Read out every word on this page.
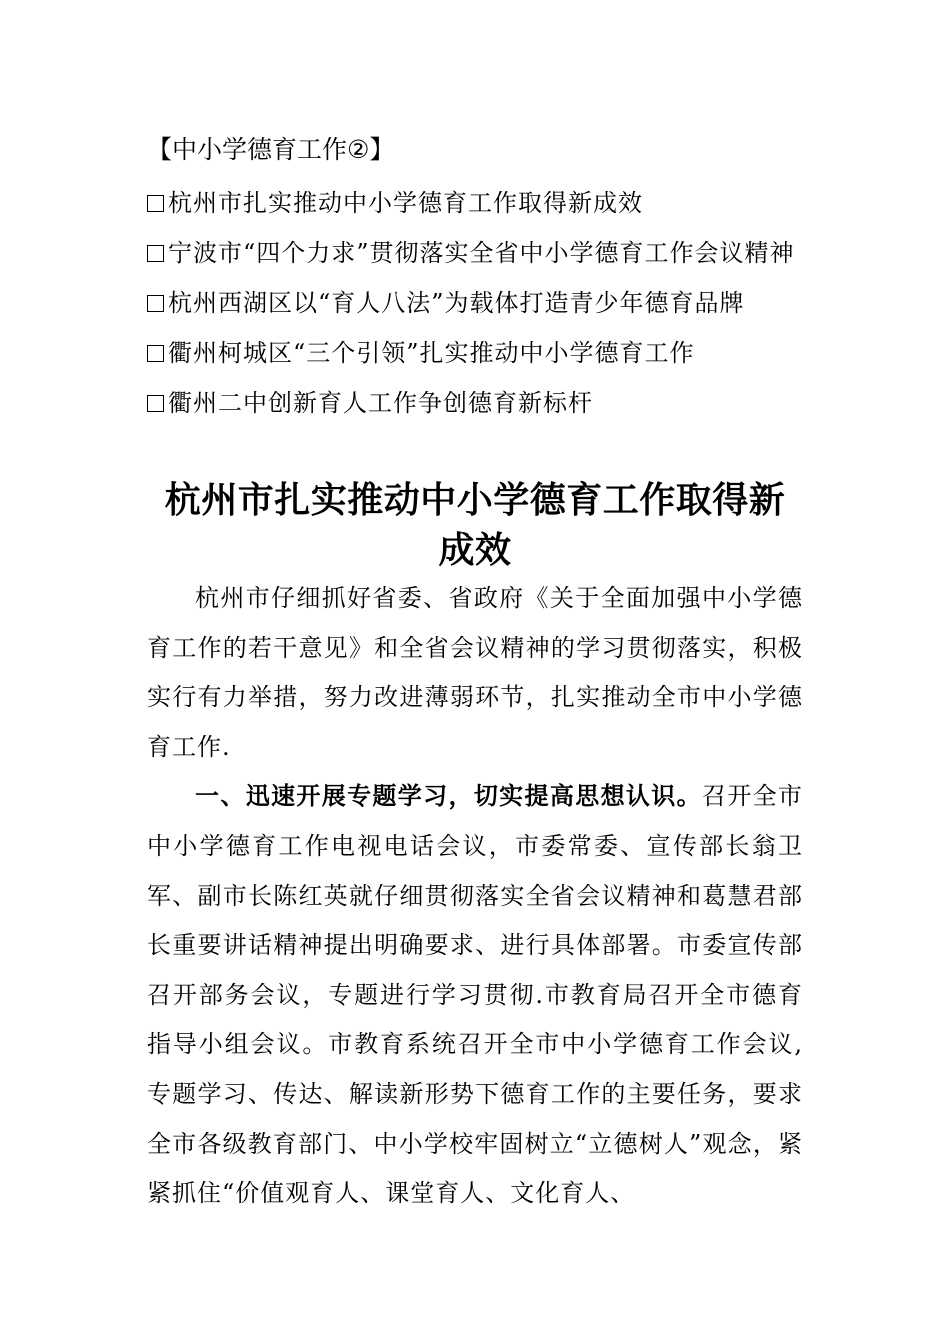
【中小学德育工作②】
杭州市扎实推动中小学德育工作取得新成效
宁波市“四个力求”贯彻落实全省中小学德育工作会议精神
杭州西湖区以“育人八法”为载体打造青少年德育品牌
衢州柯城区“三个引领”扎实推动中小学德育工作
衢州二中创新育人工作争创德育新标杆
杭州市扎实推动中小学德育工作取得新成效

杭州市仔细抓好省委、省政府《关于全面加强中小学德育工作的若干意见》和全省会议精神的学习贯彻落实，积极实行有力举措，努力改进薄弱环节，扎实推动全市中小学德育工作.

一、迅速开展专题学习，切实提高思想认识。召开全市中小学德育工作电视电话会议，市委常委、宣传部长翁卫军、副市长陈红英就仔细贯彻落实全省会议精神和葛慧君部长重要讲话精神提出明确要求、进行具体部署。市委宣传部召开部务会议，专题进行学习贯彻.市教育局召开全市德育指导小组会议。市教育系统召开全市中小学德育工作会议,专题学习、传达、解读新形势下德育工作的主要任务，要求全市各级教育部门、中小学校牢固树立“立德树人”观念，紧紧抓住“价值观育人、课堂育人、文化育人、
